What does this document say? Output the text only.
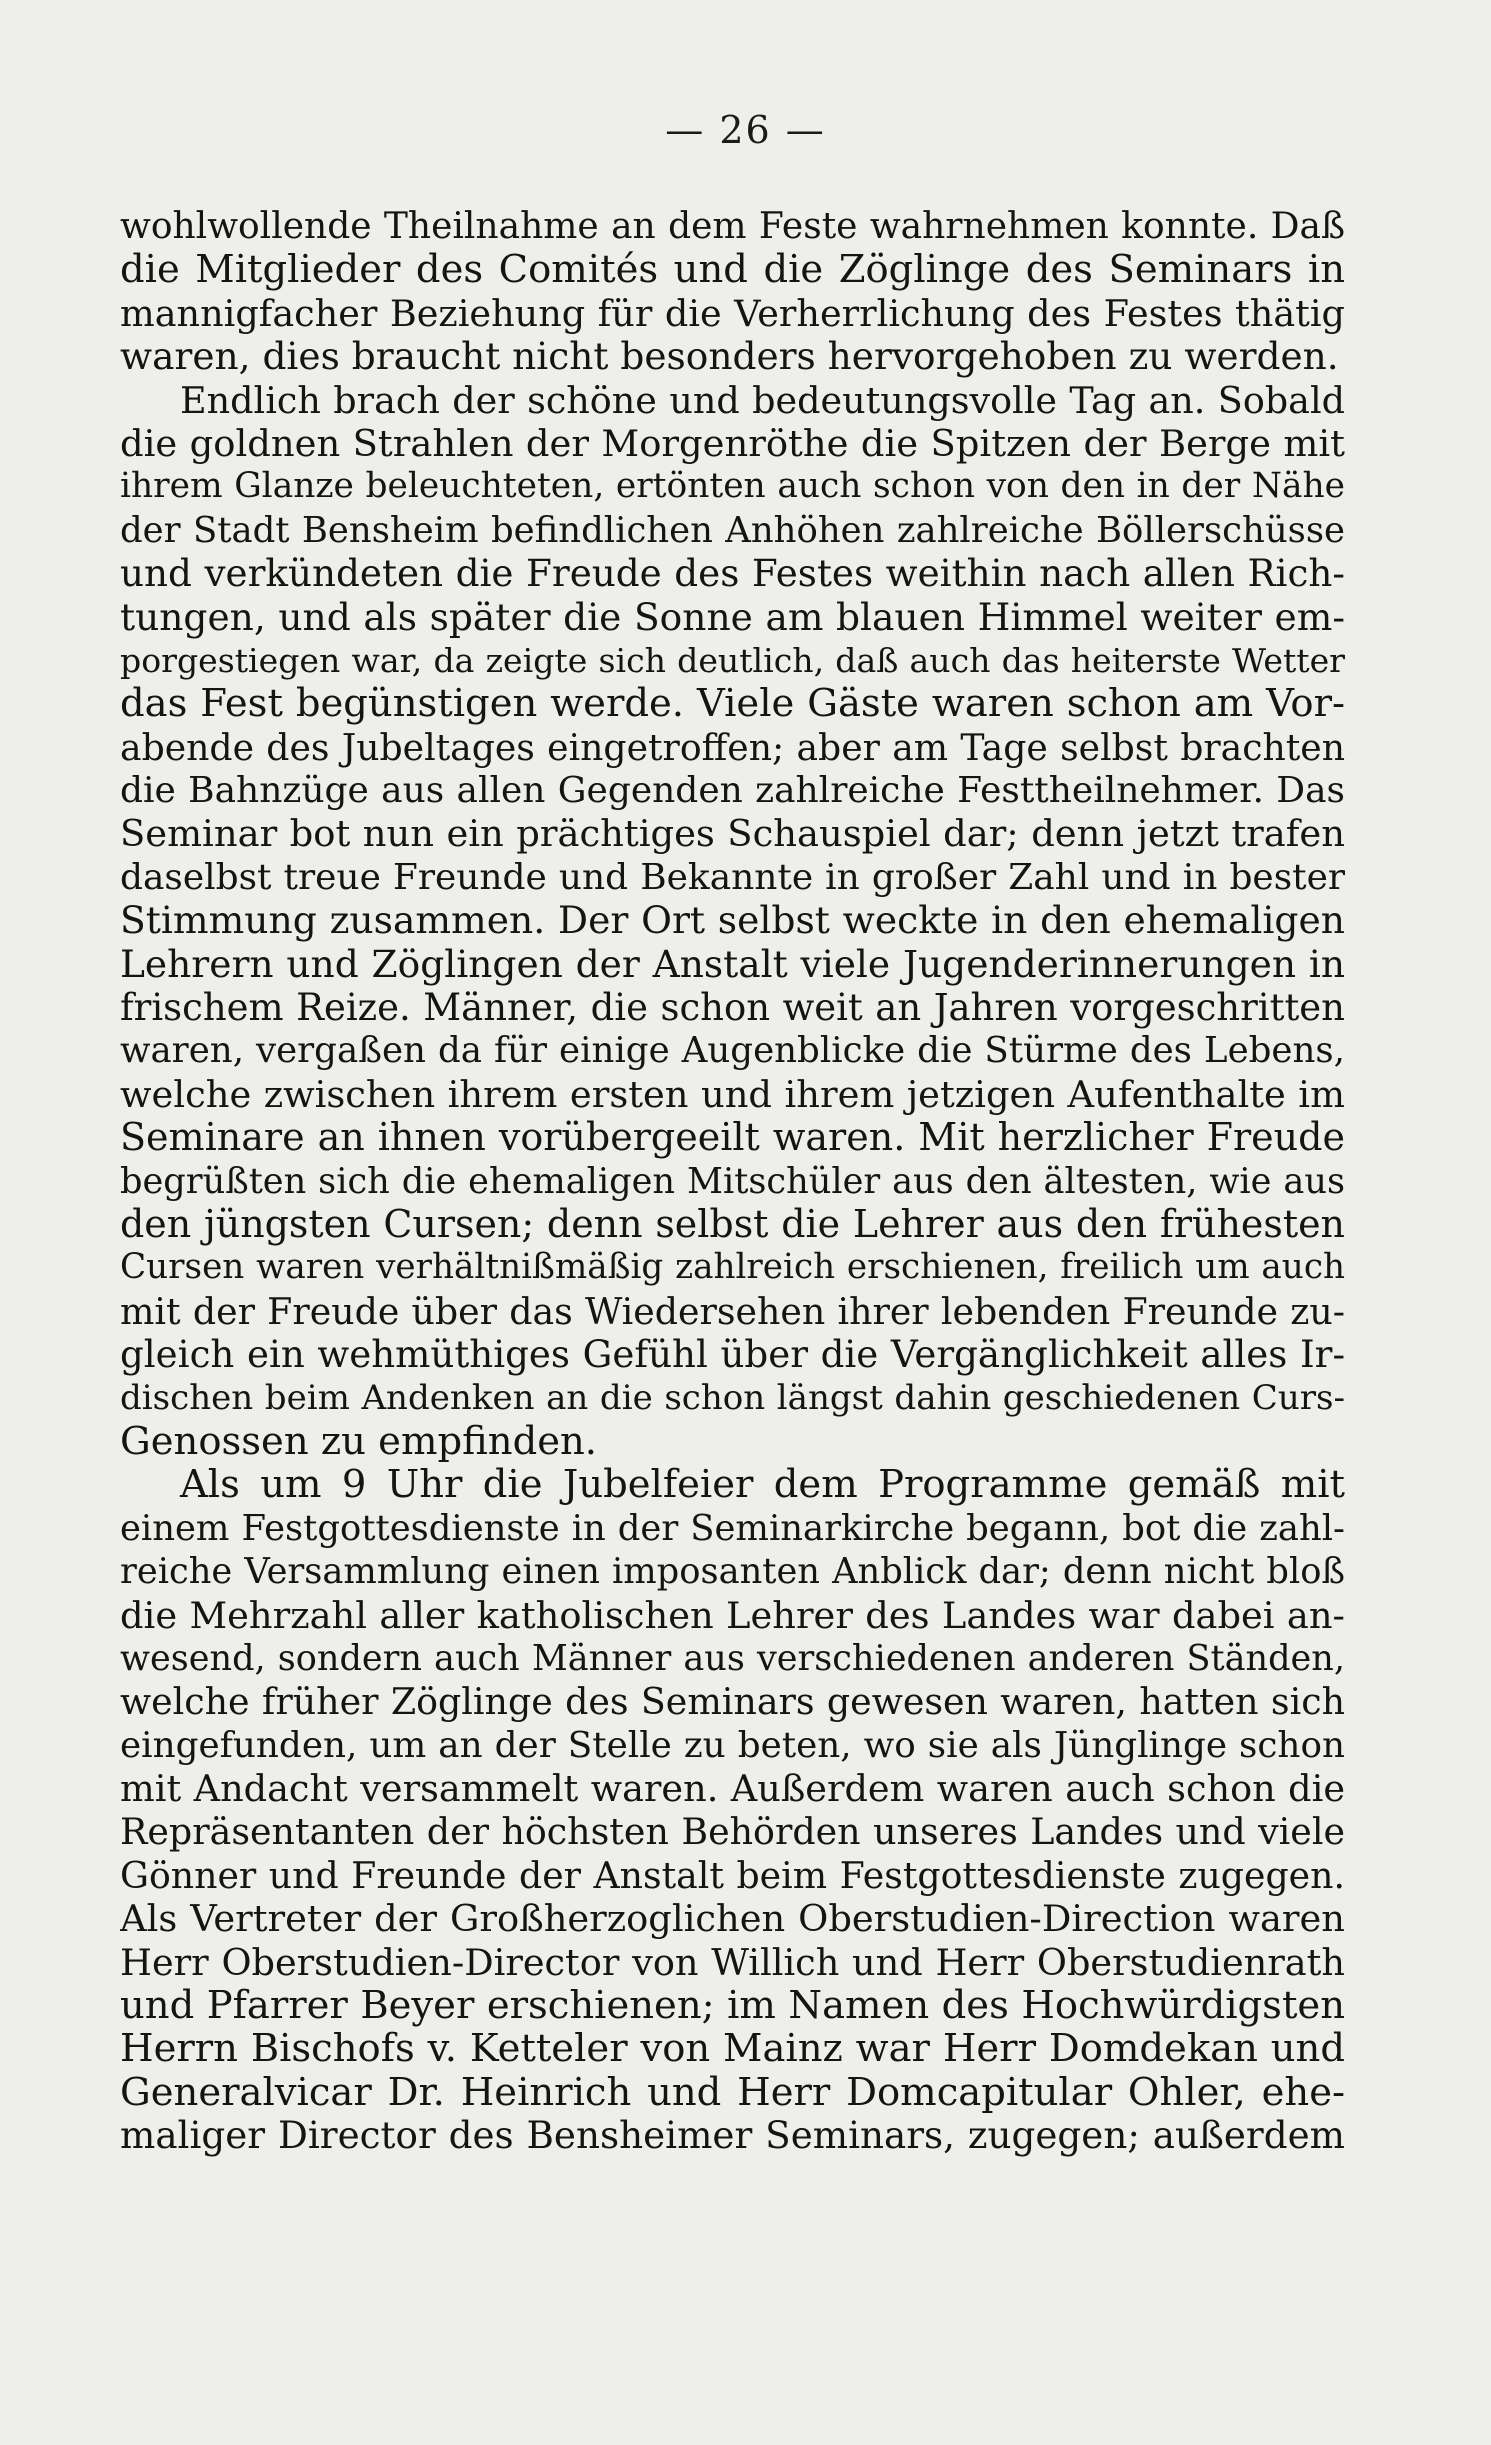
— 26 —
wohlwollende Theilnahme an dem Feste wahrnehmen konnte. Daß
die Mitglieder des Comités und die Zöglinge des Seminars in
mannigfacher Beziehung für die Verherrlichung des Festes thätig
waren, dies braucht nicht besonders hervorgehoben zu werden.
Endlich brach der schöne und bedeutungsvolle Tag an. Sobald
die goldnen Strahlen der Morgenröthe die Spitzen der Berge mit
ihrem Glanze beleuchteten, ertönten auch schon von den in der Nähe
der Stadt Bensheim befindlichen Anhöhen zahlreiche Böllerschüsse
und verkündeten die Freude des Festes weithin nach allen Rich-
tungen, und als später die Sonne am blauen Himmel weiter em-
porgestiegen war, da zeigte sich deutlich, daß auch das heiterste Wetter
das Fest begünstigen werde. Viele Gäste waren schon am Vor-
abende des Jubeltages eingetroffen; aber am Tage selbst brachten
die Bahnzüge aus allen Gegenden zahlreiche Festtheilnehmer. Das
Seminar bot nun ein prächtiges Schauspiel dar; denn jetzt trafen
daselbst treue Freunde und Bekannte in großer Zahl und in bester
Stimmung zusammen. Der Ort selbst weckte in den ehemaligen
Lehrern und Zöglingen der Anstalt viele Jugenderinnerungen in
frischem Reize. Männer, die schon weit an Jahren vorgeschritten
waren, vergaßen da für einige Augenblicke die Stürme des Lebens,
welche zwischen ihrem ersten und ihrem jetzigen Aufenthalte im
Seminare an ihnen vorübergeeilt waren. Mit herzlicher Freude
begrüßten sich die ehemaligen Mitschüler aus den ältesten, wie aus
den jüngsten Cursen; denn selbst die Lehrer aus den frühesten
Cursen waren verhältnißmäßig zahlreich erschienen, freilich um auch
mit der Freude über das Wiedersehen ihrer lebenden Freunde zu-
gleich ein wehmüthiges Gefühl über die Vergänglichkeit alles Ir-
dischen beim Andenken an die schon längst dahin geschiedenen Curs-
Genossen zu empfinden.
Als um 9 Uhr die Jubelfeier dem Programme gemäß mit
einem Festgottesdienste in der Seminarkirche begann, bot die zahl-
reiche Versammlung einen imposanten Anblick dar; denn nicht bloß
die Mehrzahl aller katholischen Lehrer des Landes war dabei an-
wesend, sondern auch Männer aus verschiedenen anderen Ständen,
welche früher Zöglinge des Seminars gewesen waren, hatten sich
eingefunden, um an der Stelle zu beten, wo sie als Jünglinge schon
mit Andacht versammelt waren. Außerdem waren auch schon die
Repräsentanten der höchsten Behörden unseres Landes und viele
Gönner und Freunde der Anstalt beim Festgottesdienste zugegen.
Als Vertreter der Großherzoglichen Oberstudien-Direction waren
Herr Oberstudien-Director von Willich und Herr Oberstudienrath
und Pfarrer Beyer erschienen; im Namen des Hochwürdigsten
Herrn Bischofs v. Ketteler von Mainz war Herr Domdekan und
Generalvicar Dr. Heinrich und Herr Domcapitular Ohler, ehe-
maliger Director des Bensheimer Seminars, zugegen; außerdem
